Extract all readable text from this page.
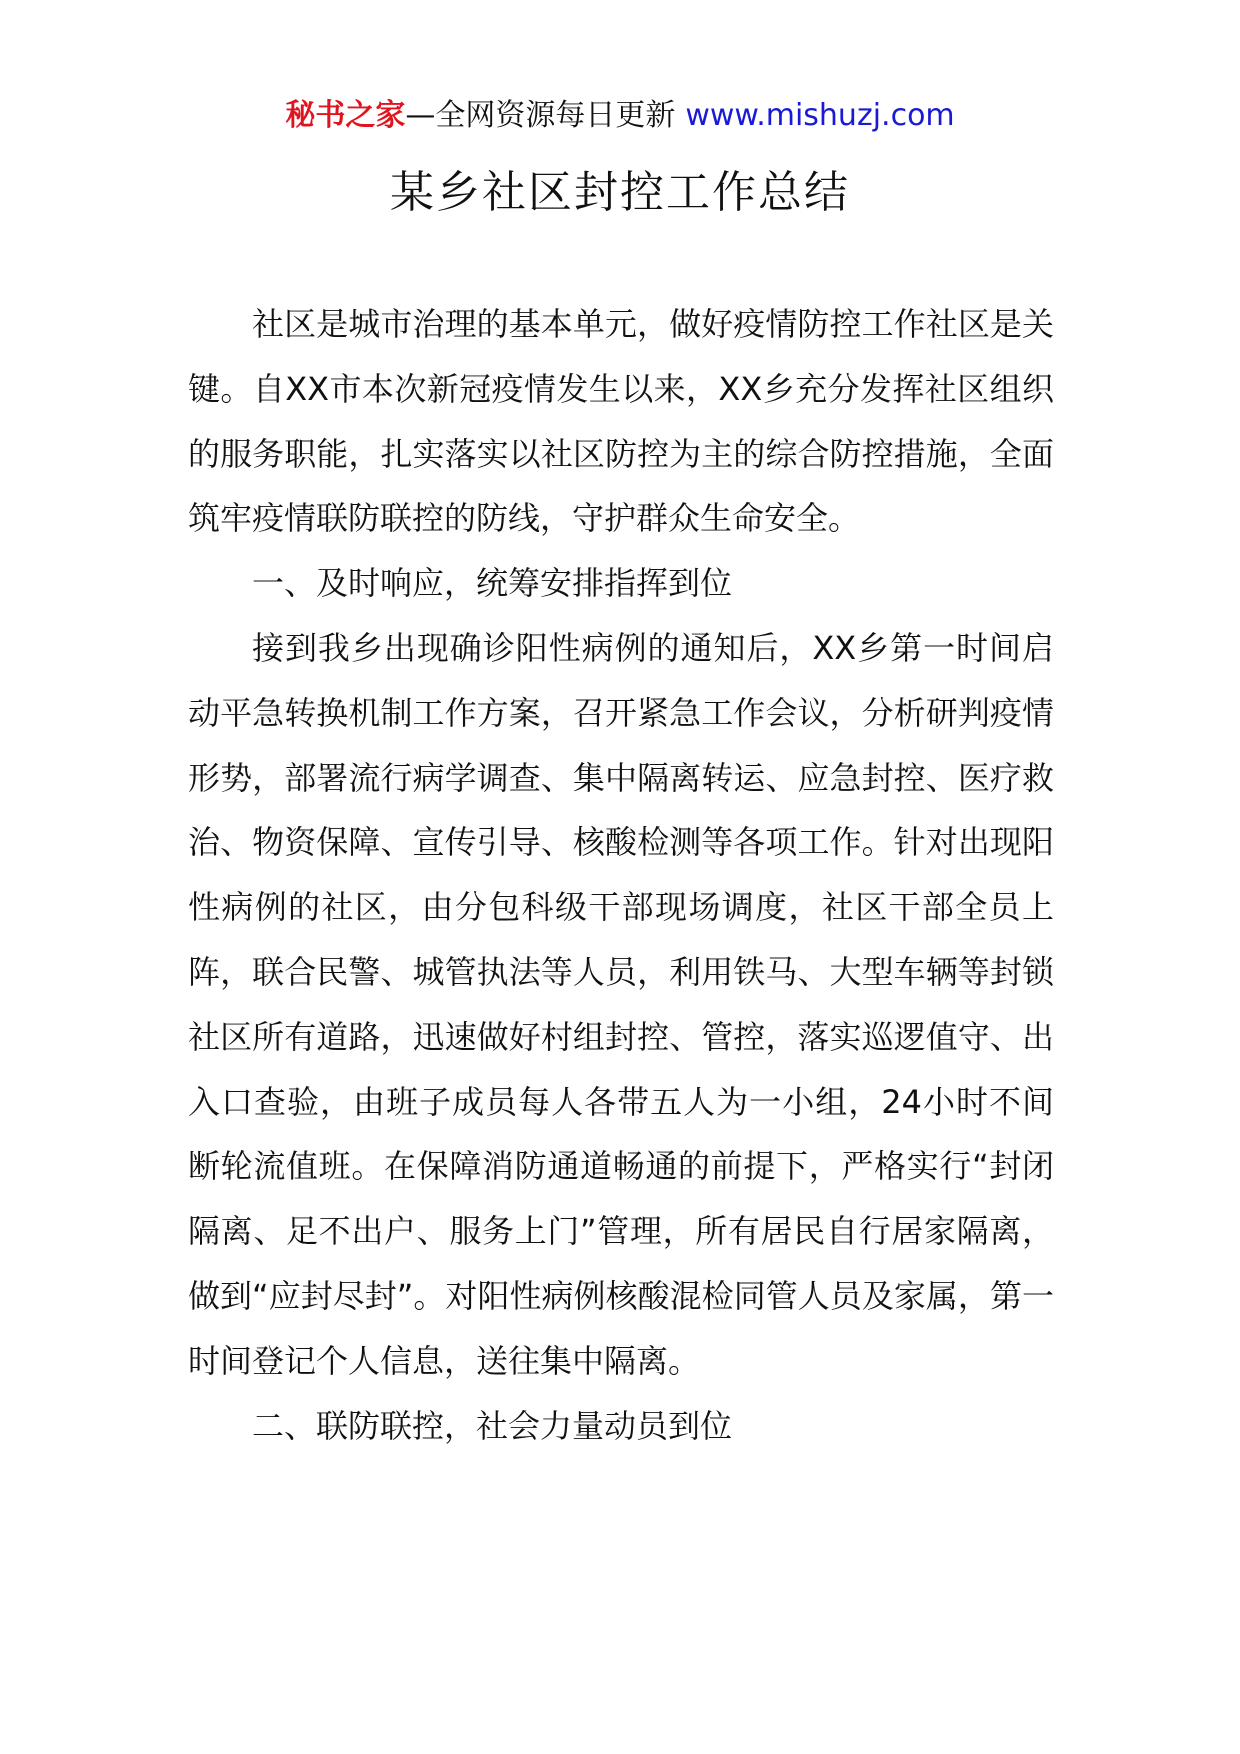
秘书之家—全网资源每日更新 www.mishuzj.com
某乡社区封控工作总结

社区是城市治理的基本单元，做好疫情防控工作社区是关键。自XX市本次新冠疫情发生以来，XX乡充分发挥社区组织的服务职能，扎实落实以社区防控为主的综合防控措施，全面筑牢疫情联防联控的防线，守护群众生命安全。

一、及时响应，统筹安排指挥到位

接到我乡出现确诊阳性病例的通知后，XX乡第一时间启动平急转换机制工作方案，召开紧急工作会议，分析研判疫情形势，部署流行病学调查、集中隔离转运、应急封控、医疗救治、物资保障、宣传引导、核酸检测等各项工作。针对出现阳性病例的社区，由分包科级干部现场调度，社区干部全员上阵，联合民警、城管执法等人员，利用铁马、大型车辆等封锁社区所有道路，迅速做好村组封控、管控，落实巡逻值守、出入口查验，由班子成员每人各带五人为一小组，24小时不间断轮流值班。在保障消防通道畅通的前提下，严格实行“封闭隔离、足不出户、服务上门”管理，所有居民自行居家隔离，做到“应封尽封”。对阳性病例核酸混检同管人员及家属，第一时间登记个人信息，送往集中隔离。

二、联防联控，社会力量动员到位
